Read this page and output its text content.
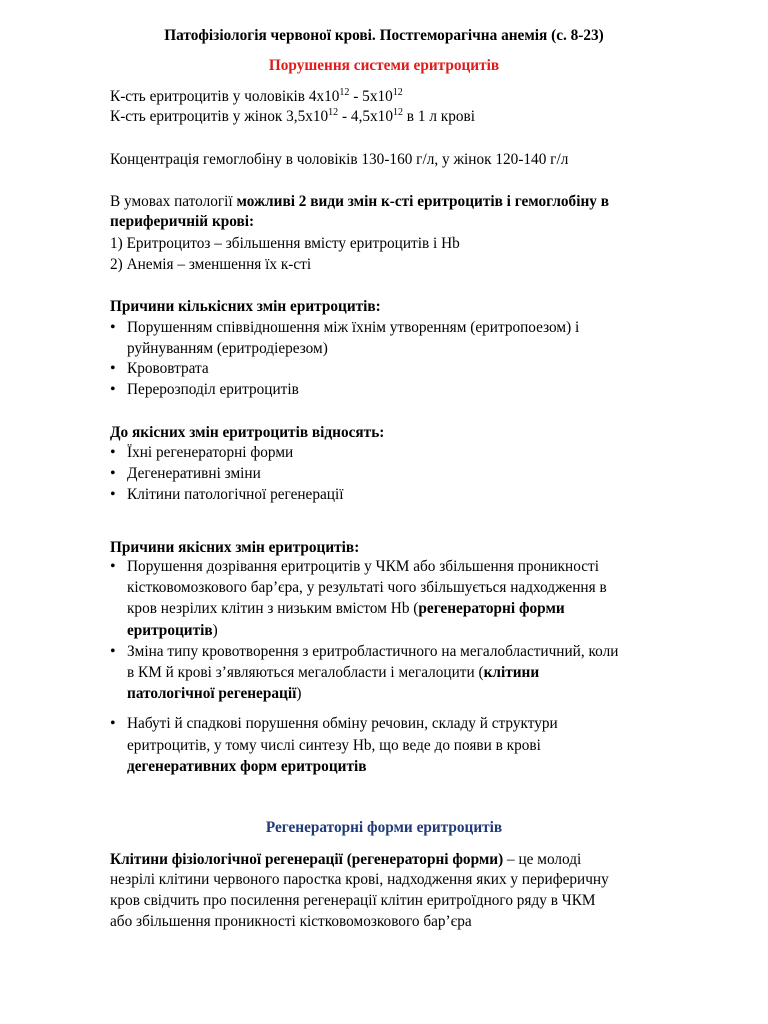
Патофізіологія червоної крові. Постгеморагічна анемія (с. 8-23)
Порушення системи еритроцитів
К-сть еритроцитів у чоловіків $4х10^{12} - 5х10^{12}$
К-сть еритроцитів у жінок $3,5х10^{12} - 4,5х10^{12}$ в 1 л крові
Концентрація гемоглобіну в чоловіків 130-160 г/л, у жінок 120-140 г/л
В умовах патології можливі 2 види змін к-сті еритроцитів і гемоглобіну в
периферичній крові:
1) Еритроцитоз – збільшення вмісту еритроцитів і Hb
2) Анемія – зменшення їх к-сті
Причини кількісних змін еритроцитів:
• Порушенням співвідношення між їхнім утворенням (еритропоезом) і
руйнуванням (еритродіерезом)
• Крововтрата
• Перерозподіл еритроцитів
До якісних змін еритроцитів відносять:
• Їхні регенераторні форми
• Дегенеративні зміни
• Клітини патологічної регенерації
Причини якісних змін еритроцитів:
• Порушення дозрівання еритроцитів у ЧКМ або збільшення проникності
кістковомозкового бар’єра, у результаті чого збільшується надходження в
кров незрілих клітин з низьким вмістом Hb (регенераторні форми
еритроцитів)
• Зміна типу кровотворення з еритробластичного на мегалобластичний, коли
в КМ й крові з’являються мегалобласти і мегалоцити (клітини
патологічної регенерації)
• Набуті й спадкові порушення обміну речовин, складу й структури
еритроцитів, у тому числі синтезу Hb, що веде до появи в крові
дегенеративних форм еритроцитів
Регенераторні форми еритроцитів
Клітини фізіологічної регенерації (регенераторні форми) – це молоді
незрілі клітини червоного паростка крові, надходження яких у периферичну
кров свідчить про посилення регенерації клітин еритроїдного ряду в ЧКМ
або збільшення проникності кістковомозкового бар’єра
